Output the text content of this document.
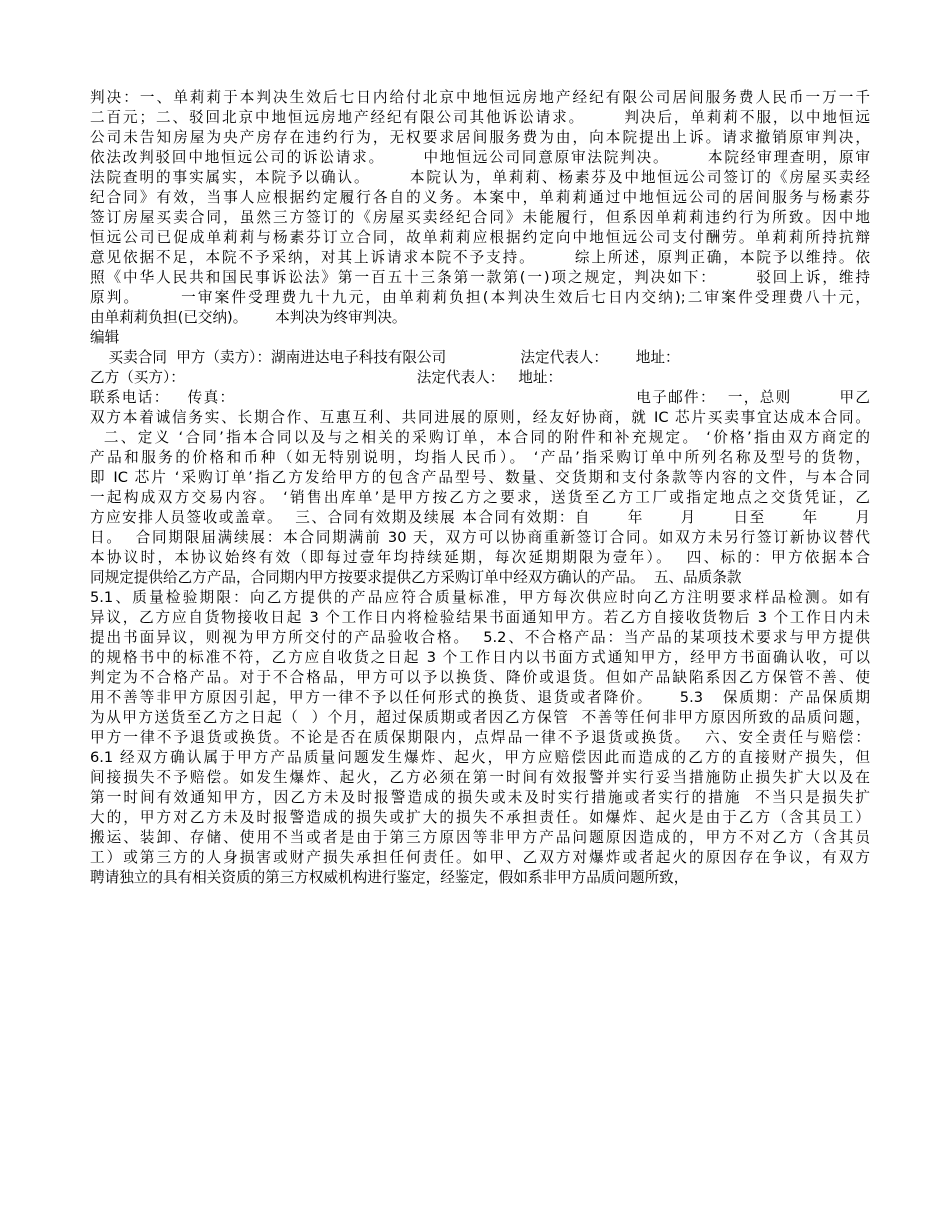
判决：一、单莉莉于本判决生效后七日内给付北京中地恒远房地产经纪有限公司居间服务费人民币一万一千
二百元；二、驳回北京中地恒远房地产经纪有限公司其他诉讼请求。      判决后，单莉莉不服，以中地恒远
公司未告知房屋为央产房存在违约行为，无权要求居间服务费为由，向本院提出上诉。请求撤销原审判决，
依法改判驳回中地恒远公司的诉讼请求。      中地恒远公司同意原审法院判决。      本院经审理查明，原审
法院查明的事实属实，本院予以确认。      本院认为，单莉莉、杨素芬及中地恒远公司签订的《房屋买卖经
纪合同》有效，当事人应根据约定履行各自的义务。本案中，单莉莉通过中地恒远公司的居间服务与杨素芬
签订房屋买卖合同，虽然三方签订的《房屋买卖经纪合同》未能履行，但系因单莉莉违约行为所致。因中地
恒远公司已促成单莉莉与杨素芬订立合同，故单莉莉应根据约定向中地恒远公司支付酬劳。单莉莉所持抗辩
意见依据不足，本院不予采纳，对其上诉请求本院不予支持。      综上所述，原判正确，本院予以维持。依
照《中华人民共和国民事诉讼法》第一百五十三条第一款第(一)项之规定，判决如下：      驳回上诉，维持
原判。      一审案件受理费九十九元，由单莉莉负担(本判决生效后七日内交纳);二审案件受理费八十元，
由单莉莉负担(已交纳)。      本判决为终审判决。
编辑
买卖合同  甲方（卖方）：湖南进达电子科技有限公司                法定代表人：      地址：
乙方（买方）：                                                  法定代表人：   地址：
联系电话：   传真：                                                                   电子邮件：  一，总则        甲乙
双方本着诚信务实、长期合作、互惠互利、共同进展的原则，经友好协商，就 IC 芯片买卖事宜达成本合同。
二、定义 ‘合同’指本合同以及与之相关的采购订单，本合同的附件和补充规定。 ‘价格’指由双方商定的
产品和服务的价格和币种（如无特别说明，均指人民币）。 ‘产品’指采购订单中所列名称及型号的货物，
即 IC 芯片 ‘采购订单’指乙方发给甲方的包含产品型号、数量、交货期和支付条款等内容的文件，与本合同
一起构成双方交易内容。 ‘销售出库单’是甲方按乙方之要求，送货至乙方工厂或指定地点之交货凭证，乙
方应安排人员签收或盖章。  三、合同有效期及续展 本合同有效期：自      年      月      日至      年      月
日。  合同期限届满续展：本合同期满前 30 天，双方可以协商重新签订合同。如双方未另行签订新协议替代
本协议时，本协议始终有效（即每过壹年均持续延期，每次延期期限为壹年）。  四、标的：甲方依据本合
同规定提供给乙方产品，合同期内甲方按要求提供乙方采购订单中经双方确认的产品。  五、品质条款
5.1、质量检验期限：向乙方提供的产品应符合质量标准，甲方每次供应时向乙方注明要求样品检测。如有
异议，乙方应自货物接收日起 3 个工作日内将检验结果书面通知甲方。若乙方自接收货物后 3 个工作日内未
提出书面异议，则视为甲方所交付的产品验收合格。  5.2、不合格产品：当产品的某项技术要求与甲方提供
的规格书中的标准不符，乙方应自收货之日起 3 个工作日内以书面方式通知甲方，经甲方书面确认收，可以
判定为不合格产品。对于不合格品，甲方可以予以换货、降价或退货。但如产品缺陷系因乙方保管不善、使
用不善等非甲方原因引起，甲方一律不予以任何形式的换货、退货或者降价。    5.3   保质期：产品保质期
为从甲方送货至乙方之日起（  ）个月，超过保质期或者因乙方保管  不善等任何非甲方原因所致的品质问题，
甲方一律不予退货或换货。不论是否在质保期限内，点焊品一律不予退货或换货。  六、安全责任与赔偿：
6.1 经双方确认属于甲方产品质量问题发生爆炸、起火，甲方应赔偿因此而造成的乙方的直接财产损失，但
间接损失不予赔偿。如发生爆炸、起火，乙方必须在第一时间有效报警并实行妥当措施防止损失扩大以及在
第一时间有效通知甲方，因乙方未及时报警造成的损失或未及时实行措施或者实行的措施  不当只是损失扩
大的，甲方对乙方未及时报警造成的损失或扩大的损失不承担责任。如爆炸、起火是由于乙方（含其员工）
搬运、装卸、存储、使用不当或者是由于第三方原因等非甲方产品问题原因造成的，甲方不对乙方（含其员
工）或第三方的人身损害或财产损失承担任何责任。如甲、乙双方对爆炸或者起火的原因存在争议，有双方
聘请独立的具有相关资质的第三方权威机构进行鉴定，经鉴定，假如系非甲方品质问题所致，
